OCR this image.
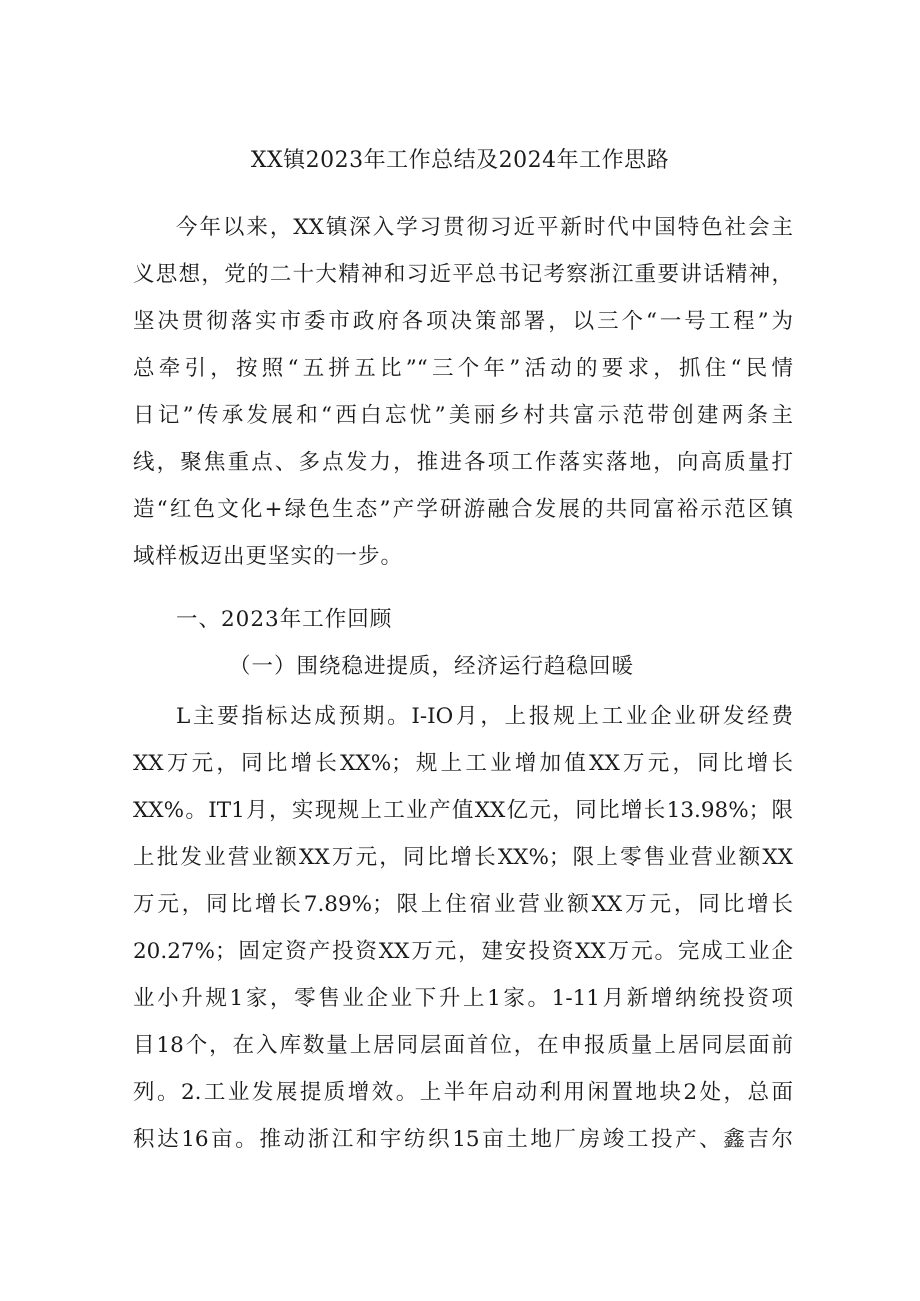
XX镇2023年工作总结及2024年工作思路
今年以来，XX镇深入学习贯彻习近平新时代中国特色社会主
义思想，党的二十大精神和习近平总书记考察浙江重要讲话精神，
坚决贯彻落实市委市政府各项决策部署，以三个“一号工程”为
总牵引，按照“五拼五比”“三个年”活动的要求，抓住“民情
日记”传承发展和“西白忘忧”美丽乡村共富示范带创建两条主
线，聚焦重点、多点发力，推进各项工作落实落地，向高质量打
造“红色文化+绿色生态”产学研游融合发展的共同富裕示范区镇
域样板迈出更坚实的一步。
一、2023年工作回顾
（一）围绕稳进提质，经济运行趋稳回暖
L主要指标达成预期。I-IO月，上报规上工业企业研发经费
XX万元，同比增长XX%；规上工业增加值XX万元，同比增长
XX%。IT1月，实现规上工业产值XX亿元，同比增长13.98%；限
上批发业营业额XX万元，同比增长XX%；限上零售业营业额XX
万元，同比增长7.89%；限上住宿业营业额XX万元，同比增长
20.27%；固定资产投资XX万元，建安投资XX万元。完成工业企
业小升规1家，零售业企业下升上1家。1-11月新增纳统投资项
目18个，在入库数量上居同层面首位，在申报质量上居同层面前
列。2.工业发展提质增效。上半年启动利用闲置地块2处，总面
积达16亩。推动浙江和宇纺织15亩土地厂房竣工投产、鑫吉尔
